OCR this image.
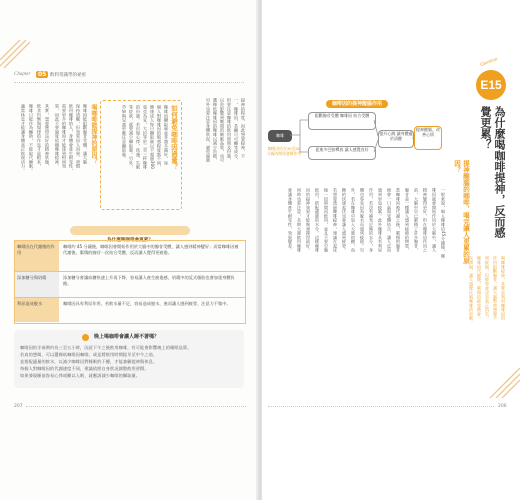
Chapter	05 飲料常識學的祕密
提神的程度，因此想要提神，不
一，咖啡因，茶鹼可可鹼等成分，
但要注意咖啡的飲用時間及份量，
以免影響到晚間的睡眠品質，也可
選擇低咖啡因的咖啡以減少負擔，
另外也要注意身體狀況，避免過量
如何避免咖啡因過量？
咖啡因攝取量並非越多越好，每
個人對咖啡因的敏感程度都不同，
健康成人每日攝取量以不超過300
毫克為宜，大約等於二至三杯咖啡
的份量。若出現心悸、焦慮、失眠
等症狀，就要減少攝取量。另外，
孕婦與兒童更應注意攝取量。
喝咖啡能提神的原因？
咖啡因能阻斷腺苷受體，讓大腦
保持清醒，但效果因人而異。習慣
飲用咖啡的人，身體會產生耐受性，
需要更多的咖啡因才能達到相同效
果，因此不要過度依賴咖啡提神。
其實，想要獲得良好的精神狀態，
飲食均衡與規律的作息才是根本，
咖啡只能作為輔助，不能取代睡眠。
適當休息才能讓身體真正恢復活力。
為什麼喝咖啡會更累？
咖啡因在代謝後的作用
咖啡約 45 分鐘後，咖啡因會開始作用於大腦中的腺苷受體，讓人感到精神變好；而當咖啡因被代謝後，累積的腺苷一次結合受體，反而讓人覺得更疲倦。
添加糖分與奶精	添加糖分會讓血糖快速上升再下降，容易讓人產生疲倦感，奶精中的反式脂肪也會加重身體負擔。
利尿造成脫水	咖啡因具有利尿作用，若飲水量不足，容易造成脫水，進而讓人感到疲勞、注意力不集中。
晚上喝咖啡會讓人睡不著嗎？
咖啡因的半衰期約為三至五小時，因此下午之後飲用咖啡，有可能會影響晚上的睡眠品質。
若真的想喝，可以選擇低咖啡因咖啡，或是將飲用時間提早至中午之前，
並搭配適量的飲水，以減少咖啡因對睡眠的干擾，才能兼顧提神與休息。
每個人對咖啡因的代謝速度不同，建議依照自身狀況調整飲用習慣。
如果發現睡前容易心悸或難以入眠，就應該減少咖啡的攝取量。
207
Question
E15
為什麼喝咖啡提神，反而感覺更累？
提神醒腦的咖啡，喝完讓人更累的原因？
咖啡因的提神醒腦作用
咖啡
阻斷腺苷受體 咖啡因 結合受體
促進多巴胺釋放 讓人感覺良好
提升心跳 讓身體處於清醒
提神醒腦、改善心情
咖啡因約在30至60分鐘內開始發揮作用
一般來說，喝入咖啡約45分鐘後，咖
啡因就會開始作用於大腦中，讓人
精神變得更好，但在咖啡因作用之
前，大腦中早已累積了許多腺苷，
腺苷是一種讓人感到疲倦的物質，
當咖啡因被代謝之後，累積的腺苷
便會一口氣與受體結合，讓人反而
感到更加疲累。此外咖啡具有利尿
作用，若沒有補充足夠的水分，身
體也容易因為脫水而感到疲倦。另
外，若在咖啡中加入大量的糖，血
糖的快速起伏也會讓人感到疲勞。
若想要透過咖啡提神，建議在起床
後一段時間再飲用，並且不要空腹
飲用，搭配適量的水分，這樣咖啡
因的提神效果才能夠發揮得最好。
同時也要注意，長期大量飲用咖啡
會讓身體產生耐受性，效果變差。
喝咖啡提神，其實是利用咖啡因的
作用阻斷腺苷，讓大腦暫時感覺不
到疲倦，但疲勞並沒有真正消失。
咖啡因代謝後，累積的疲勞便會一
次湧現，讓人感覺比喝咖啡前更累。
206
